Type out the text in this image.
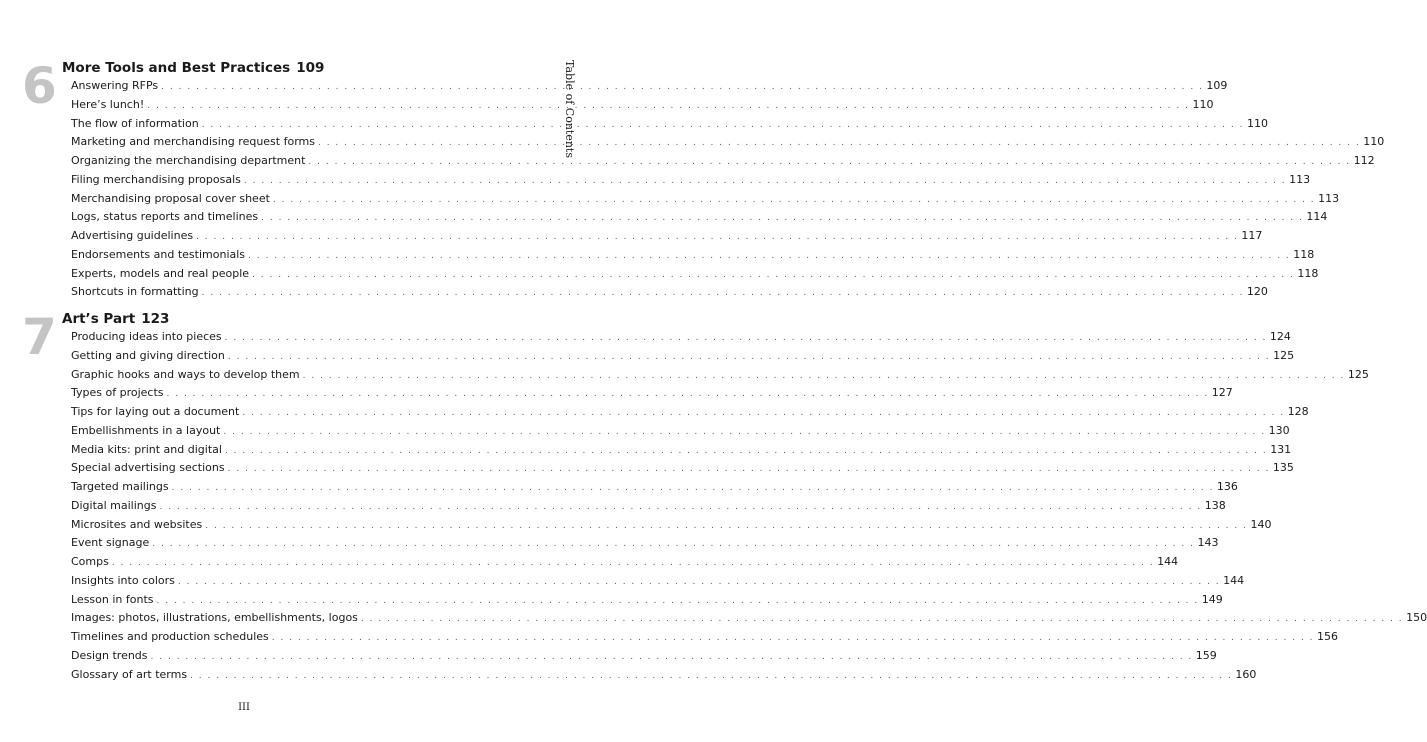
6 More Tools and Best Practices 109
Answering RFPs . . . . . . . . . . . . . . . . . . . . . . . . . . . . . . . . . . . . . . . . . . . . . . . . . . . . . . . . . . . . . . . . . . . . . . . . . . . . . . . . . . . . . . . . . . . . . . . . . . . . . . . . . . . . . . . . . . . . . . . . 109
Here’s lunch! . . . . . . . . . . . . . . . . . . . . . . . . . . . . . . . . . . . . . . . . . . . . . . . . . . . . . . . . . . . . . . . . . . . . . . . . . . . . . . . . . . . . . . . . . . . . . . . . . . . . . . . . . . . . . . . . . . . . . . . . 110
The flow of information . . . . . . . . . . . . . . . . . . . . . . . . . . . . . . . . . . . . . . . . . . . . . . . . . . . . . . . . . . . . . . . . . . . . . . . . . . . . . . . . . . . . . . . . . . . . . . . . . . . . . . . . . . . . . . . . . . . . . . . . 110
Marketing and merchandising request forms . . . . . . . . . . . . . . . . . . . . . . . . . . . . . . . . . . . . . . . . . . . . . . . . . . . . . . . . . . . . . . . . . . . . . . . . . . . . . . . . . . . . . . . . . . . . . . . . . . . . . . . . . . . . . . . . . . . . . . . . 110
Organizing the merchandising department . . . . . . . . . . . . . . . . . . . . . . . . . . . . . . . . . . . . . . . . . . . . . . . . . . . . . . . . . . . . . . . . . . . . . . . . . . . . . . . . . . . . . . . . . . . . . . . . . . . . . . . . . . . . . . . . . . . . . . . . 112
Filing merchandising proposals . . . . . . . . . . . . . . . . . . . . . . . . . . . . . . . . . . . . . . . . . . . . . . . . . . . . . . . . . . . . . . . . . . . . . . . . . . . . . . . . . . . . . . . . . . . . . . . . . . . . . . . . . . . . . . . . . . . . . . . . 113
Merchandising proposal cover sheet . . . . . . . . . . . . . . . . . . . . . . . . . . . . . . . . . . . . . . . . . . . . . . . . . . . . . . . . . . . . . . . . . . . . . . . . . . . . . . . . . . . . . . . . . . . . . . . . . . . . . . . . . . . . . . . . . . . . . . . . 113
Logs, status reports and timelines . . . . . . . . . . . . . . . . . . . . . . . . . . . . . . . . . . . . . . . . . . . . . . . . . . . . . . . . . . . . . . . . . . . . . . . . . . . . . . . . . . . . . . . . . . . . . . . . . . . . . . . . . . . . . . . . . . . . . . . . 114
Advertising guidelines . . . . . . . . . . . . . . . . . . . . . . . . . . . . . . . . . . . . . . . . . . . . . . . . . . . . . . . . . . . . . . . . . . . . . . . . . . . . . . . . . . . . . . . . . . . . . . . . . . . . . . . . . . . . . . . . . . . . . . . . 117
Endorsements and testimonials . . . . . . . . . . . . . . . . . . . . . . . . . . . . . . . . . . . . . . . . . . . . . . . . . . . . . . . . . . . . . . . . . . . . . . . . . . . . . . . . . . . . . . . . . . . . . . . . . . . . . . . . . . . . . . . . . . . . . . . . 118
Experts, models and real people . . . . . . . . . . . . . . . . . . . . . . . . . . . . . . . . . . . . . . . . . . . . . . . . . . . . . . . . . . . . . . . . . . . . . . . . . . . . . . . . . . . . . . . . . . . . . . . . . . . . . . . . . . . . . . . . . . . . . . . . 118
Shortcuts in formatting . . . . . . . . . . . . . . . . . . . . . . . . . . . . . . . . . . . . . . . . . . . . . . . . . . . . . . . . . . . . . . . . . . . . . . . . . . . . . . . . . . . . . . . . . . . . . . . . . . . . . . . . . . . . . . . . . . . . . . . . 120
7 Art’s Part 123
Producing ideas into pieces . . . . . . . . . . . . . . . . . . . . . . . . . . . . . . . . . . . . . . . . . . . . . . . . . . . . . . . . . . . . . . . . . . . . . . . . . . . . . . . . . . . . . . . . . . . . . . . . . . . . . . . . . . . . . . . . . . . . . . . . 124
Getting and giving direction . . . . . . . . . . . . . . . . . . . . . . . . . . . . . . . . . . . . . . . . . . . . . . . . . . . . . . . . . . . . . . . . . . . . . . . . . . . . . . . . . . . . . . . . . . . . . . . . . . . . . . . . . . . . . . . . . . . . . . . . 125
Graphic hooks and ways to develop them . . . . . . . . . . . . . . . . . . . . . . . . . . . . . . . . . . . . . . . . . . . . . . . . . . . . . . . . . . . . . . . . . . . . . . . . . . . . . . . . . . . . . . . . . . . . . . . . . . . . . . . . . . . . . . . . . . . . . . . . 125
Types of projects . . . . . . . . . . . . . . . . . . . . . . . . . . . . . . . . . . . . . . . . . . . . . . . . . . . . . . . . . . . . . . . . . . . . . . . . . . . . . . . . . . . . . . . . . . . . . . . . . . . . . . . . . . . . . . . . . . . . . . . . 127
Tips for laying out a document . . . . . . . . . . . . . . . . . . . . . . . . . . . . . . . . . . . . . . . . . . . . . . . . . . . . . . . . . . . . . . . . . . . . . . . . . . . . . . . . . . . . . . . . . . . . . . . . . . . . . . . . . . . . . . . . . . . . . . . . 128
Embellishments in a layout . . . . . . . . . . . . . . . . . . . . . . . . . . . . . . . . . . . . . . . . . . . . . . . . . . . . . . . . . . . . . . . . . . . . . . . . . . . . . . . . . . . . . . . . . . . . . . . . . . . . . . . . . . . . . . . . . . . . . . . . 130
Media kits: print and digital . . . . . . . . . . . . . . . . . . . . . . . . . . . . . . . . . . . . . . . . . . . . . . . . . . . . . . . . . . . . . . . . . . . . . . . . . . . . . . . . . . . . . . . . . . . . . . . . . . . . . . . . . . . . . . . . . . . . . . . . 131
Special advertising sections . . . . . . . . . . . . . . . . . . . . . . . . . . . . . . . . . . . . . . . . . . . . . . . . . . . . . . . . . . . . . . . . . . . . . . . . . . . . . . . . . . . . . . . . . . . . . . . . . . . . . . . . . . . . . . . . . . . . . . . . 135
Targeted mailings . . . . . . . . . . . . . . . . . . . . . . . . . . . . . . . . . . . . . . . . . . . . . . . . . . . . . . . . . . . . . . . . . . . . . . . . . . . . . . . . . . . . . . . . . . . . . . . . . . . . . . . . . . . . . . . . . . . . . . . . 136
Digital mailings . . . . . . . . . . . . . . . . . . . . . . . . . . . . . . . . . . . . . . . . . . . . . . . . . . . . . . . . . . . . . . . . . . . . . . . . . . . . . . . . . . . . . . . . . . . . . . . . . . . . . . . . . . . . . . . . . . . . . . . . 138
Microsites and websites . . . . . . . . . . . . . . . . . . . . . . . . . . . . . . . . . . . . . . . . . . . . . . . . . . . . . . . . . . . . . . . . . . . . . . . . . . . . . . . . . . . . . . . . . . . . . . . . . . . . . . . . . . . . . . . . . . . . . . . . 140
Event signage . . . . . . . . . . . . . . . . . . . . . . . . . . . . . . . . . . . . . . . . . . . . . . . . . . . . . . . . . . . . . . . . . . . . . . . . . . . . . . . . . . . . . . . . . . . . . . . . . . . . . . . . . . . . . . . . . . . . . . . . 143
Comps . . . . . . . . . . . . . . . . . . . . . . . . . . . . . . . . . . . . . . . . . . . . . . . . . . . . . . . . . . . . . . . . . . . . . . . . . . . . . . . . . . . . . . . . . . . . . . . . . . . . . . . . . . . . . . . . . . . . . . . . 144
Insights into colors . . . . . . . . . . . . . . . . . . . . . . . . . . . . . . . . . . . . . . . . . . . . . . . . . . . . . . . . . . . . . . . . . . . . . . . . . . . . . . . . . . . . . . . . . . . . . . . . . . . . . . . . . . . . . . . . . . . . . . . . 144
Lesson in fonts . . . . . . . . . . . . . . . . . . . . . . . . . . . . . . . . . . . . . . . . . . . . . . . . . . . . . . . . . . . . . . . . . . . . . . . . . . . . . . . . . . . . . . . . . . . . . . . . . . . . . . . . . . . . . . . . . . . . . . . . 149
Images: photos, illustrations, embellishments, logos . . . . . . . . . . . . . . . . . . . . . . . . . . . . . . . . . . . . . . . . . . . . . . . . . . . . . . . . . . . . . . . . . . . . . . . . . . . . . . . . . . . . . . . . . . . . . . . . . . . . . . . . . . . . . . . . . . . . . . . . 150
Timelines and production schedules . . . . . . . . . . . . . . . . . . . . . . . . . . . . . . . . . . . . . . . . . . . . . . . . . . . . . . . . . . . . . . . . . . . . . . . . . . . . . . . . . . . . . . . . . . . . . . . . . . . . . . . . . . . . . . . . . . . . . . . . 156
Design trends . . . . . . . . . . . . . . . . . . . . . . . . . . . . . . . . . . . . . . . . . . . . . . . . . . . . . . . . . . . . . . . . . . . . . . . . . . . . . . . . . . . . . . . . . . . . . . . . . . . . . . . . . . . . . . . . . . . . . . . . 159
Glossary of art terms . . . . . . . . . . . . . . . . . . . . . . . . . . . . . . . . . . . . . . . . . . . . . . . . . . . . . . . . . . . . . . . . . . . . . . . . . . . . . . . . . . . . . . . . . . . . . . . . . . . . . . . . . . . . . . . . . . . . . . . . 160
Table of Contents
III
